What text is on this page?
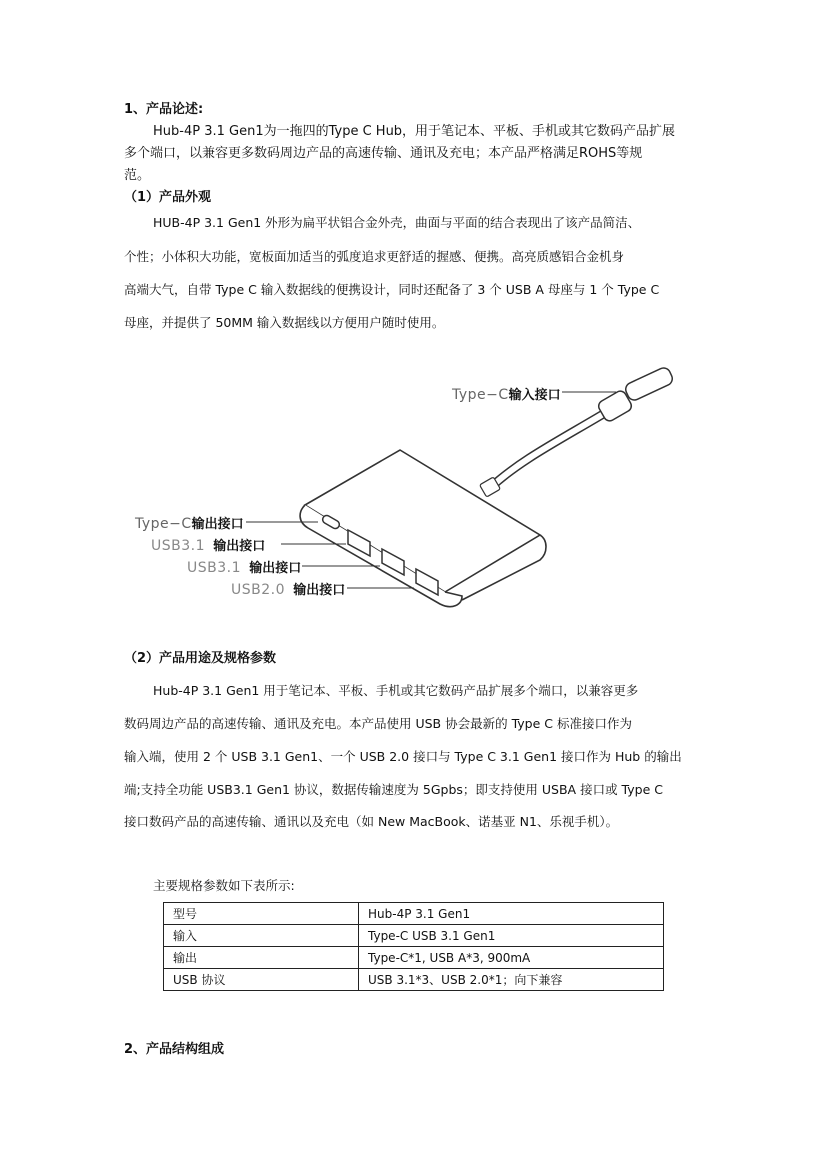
1、产品论述:
Hub-4P 3.1 Gen1为一拖四的Type C Hub，用于笔记本、平板、手机或其它数码产品扩展
多个端口，以兼容更多数码周边产品的高速传输、通讯及充电；本产品严格满足ROHS等规
范。
（1）产品外观
HUB-4P 3.1 Gen1 外形为扁平状铝合金外壳，曲面与平面的结合表现出了该产品简洁、
个性；小体积大功能，宽板面加适当的弧度追求更舒适的握感、便携。高亮质感铝合金机身
高端大气，自带 Type C 输入数据线的便携设计，同时还配备了 3 个 USB A 母座与 1 个 Type C
母座，并提供了 50MM 输入数据线以方便用户随时使用。
Type−C输入接口
Type−C输出接口
USB3.1 输出接口
USB3.1 输出接口
USB2.0 输出接口
（2）产品用途及规格参数
Hub-4P 3.1 Gen1 用于笔记本、平板、手机或其它数码产品扩展多个端口，以兼容更多
数码周边产品的高速传输、通讯及充电。本产品使用 USB 协会最新的 Type C 标准接口作为
输入端，使用 2 个 USB 3.1 Gen1、一个 USB 2.0 接口与 Type C 3.1 Gen1 接口作为 Hub 的输出
端;支持全功能 USB3.1 Gen1 协议，数据传输速度为 5Gpbs；即支持使用 USBA 接口或 Type C
接口数码产品的高速传输、通讯以及充电（如 New MacBook、诺基亚 N1、乐视手机）。
主要规格参数如下表所示:
型号	Hub-4P 3.1 Gen1
输入	Type-C USB 3.1 Gen1
输出	Type-C*1, USB A*3, 900mA
USB 协议	USB 3.1*3、USB 2.0*1；向下兼容
2、产品结构组成
